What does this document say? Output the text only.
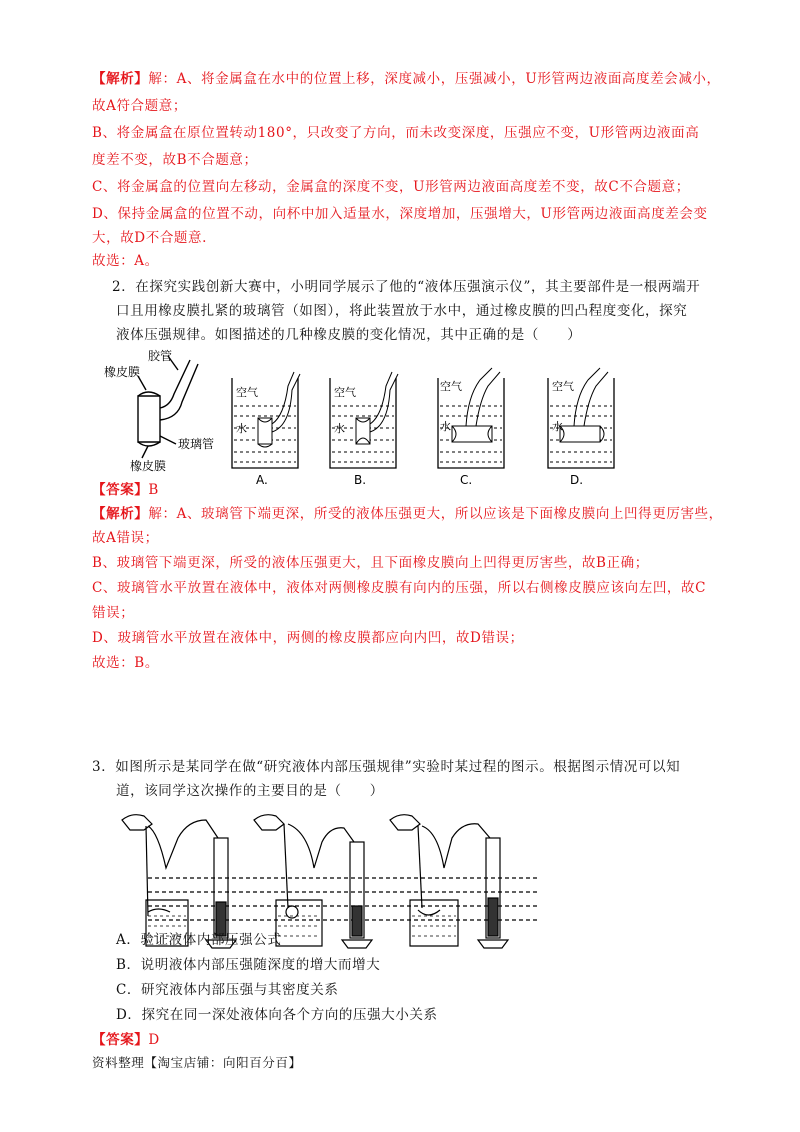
【解析】解：A、将金属盒在水中的位置上移，深度减小，压强减小，U形管两边液面高度差会减小，
故A符合题意；
B、将金属盒在原位置转动180°，只改变了方向，而未改变深度，压强应不变，U形管两边液面高
度差不变，故B不合题意；
C、将金属盒的位置向左移动，金属盒的深度不变，U形管两边液面高度差不变，故C不合题意；
D、保持金属盒的位置不动，向杯中加入适量水，深度增加，压强增大，U形管两边液面高度差会变
大，故D不合题意.
故选：A。
2．在探究实践创新大赛中，小明同学展示了他的“液体压强演示仪”，其主要部件是一根两端开
口且用橡皮膜扎紧的玻璃管（如图），将此装置放于水中，通过橡皮膜的凹凸程度变化，探究
液体压强规律。如图描述的几种橡皮膜的变化情况，其中正确的是（　　）
胶管
橡皮膜
玻璃管
橡皮膜
空气
水
A.
空气
水
B.
空气
水
C.
空气
水
D.
【答案】B
【解析】解：A、玻璃管下端更深，所受的液体压强更大，所以应该是下面橡皮膜向上凹得更厉害些，
故A错误；
B、玻璃管下端更深，所受的液体压强更大，且下面橡皮膜向上凹得更厉害些，故B正确；
C、玻璃管水平放置在液体中，液体对两侧橡皮膜有向内的压强，所以右侧橡皮膜应该向左凹，故C
错误；
D、玻璃管水平放置在液体中，两侧的橡皮膜都应向内凹，故D错误；
故选：B。
3．如图所示是某同学在做“研究液体内部压强规律”实验时某过程的图示。根据图示情况可以知
道，该同学这次操作的主要目的是（　　）
A．验证液体内部压强公式
B．说明液体内部压强随深度的增大而增大
C．研究液体内部压强与其密度关系
D．探究在同一深处液体向各个方向的压强大小关系
【答案】D
资料整理【淘宝店铺：向阳百分百】
